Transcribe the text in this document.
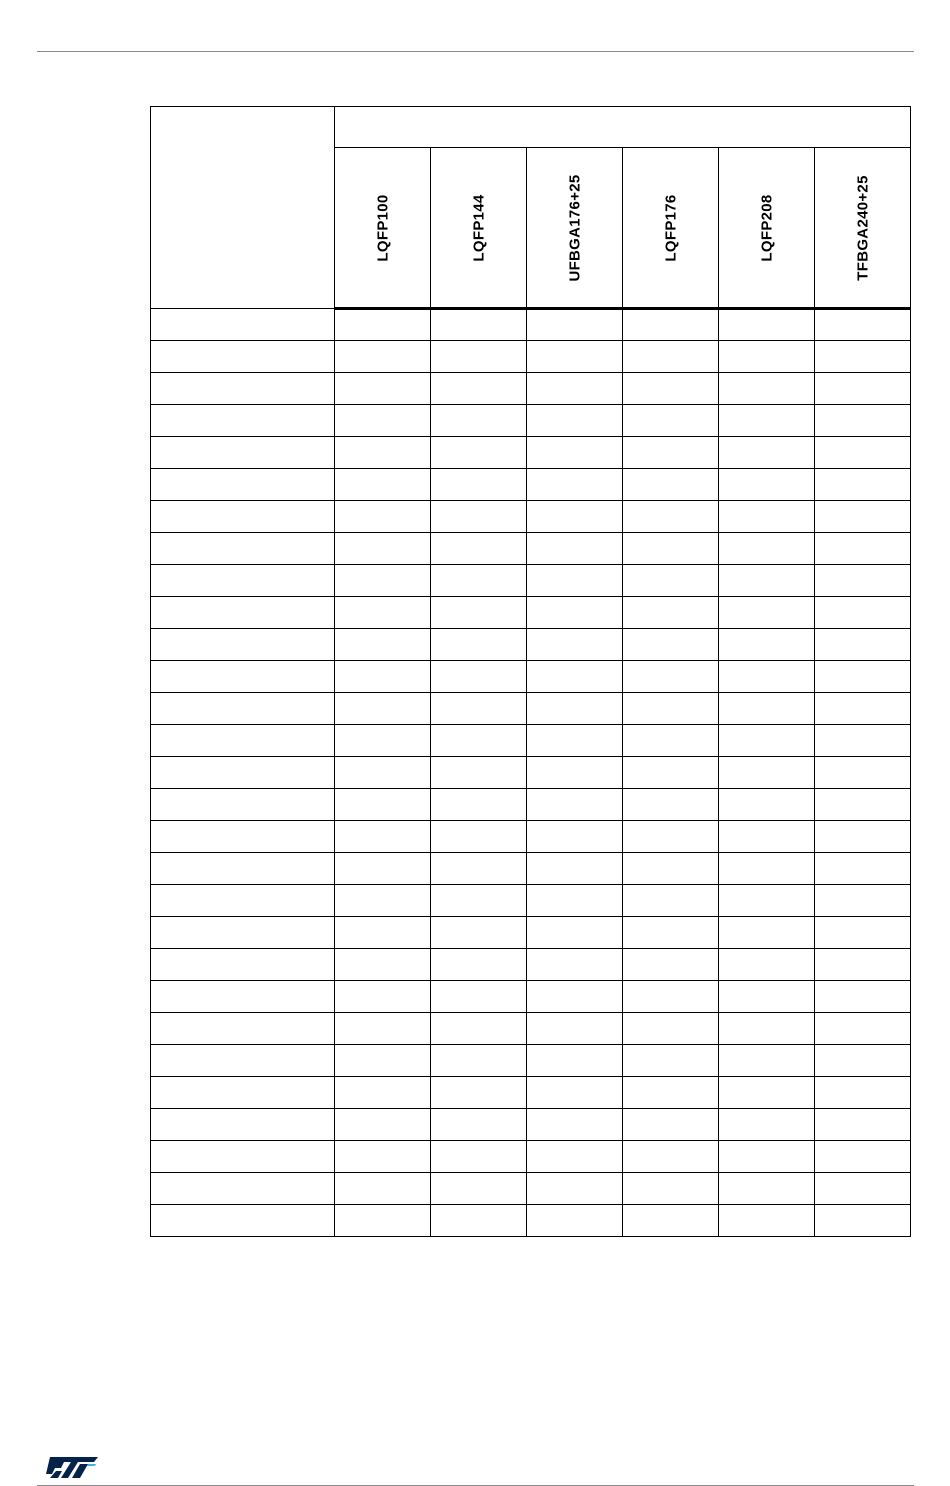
	LQFP100	LQFP144	UFBGA176+25	LQFP176	LQFP208	TFBGA240+25
